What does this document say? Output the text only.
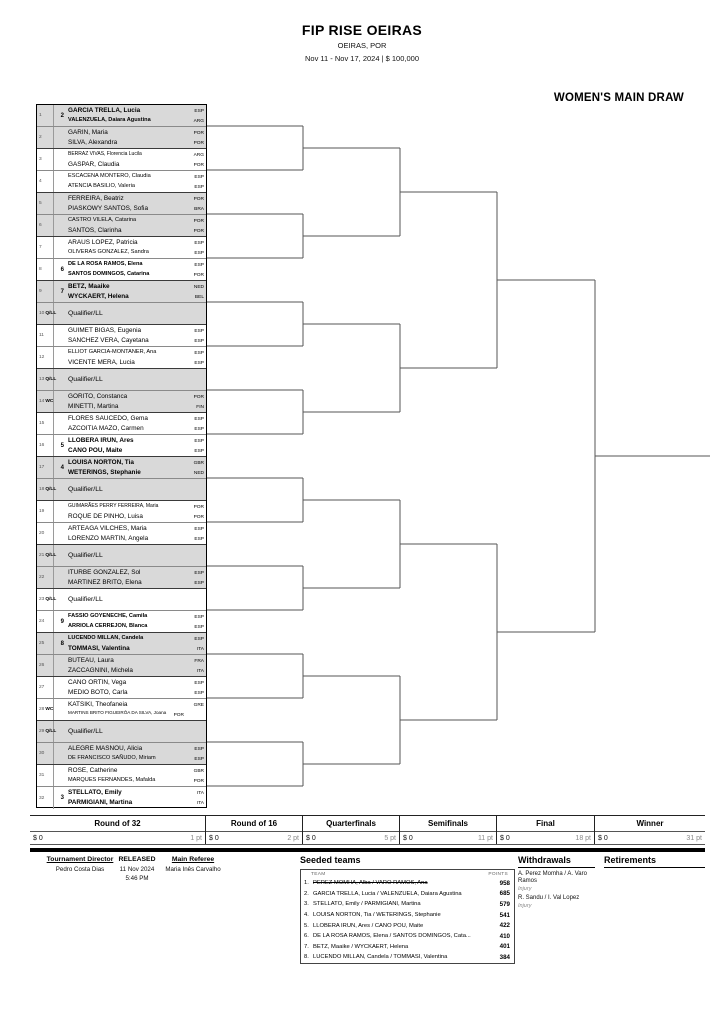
FIP RISE OEIRAS
OEIRAS, POR
Nov 11 - Nov 17, 2024 | $ 100,000
WOMEN'S MAIN DRAW
1	2
GARCIA TRELLA, Lucia	ESP
VALENZUELA, Daiara Agustina	ARG
2
GARIN, Maria	POR
SILVA, Alexandra	POR
3
BERRAZ VIVAS, Florencia Lucila	ARG
GASPAR, Claudia	POR
4
ESCACENA MONTERO, Claudia	ESP
ATENCIA BASILIO, Valeria	ESP
5
FERREIRA, Beatriz	POR
PIASKOWY SANTOS, Sofia	BRA
6
CASTRO VILELA, Catarina	POR
SANTOS, Clarinha	POR
7
ARAUS LOPEZ, Patricia	ESP
OLIVERAS GONZALEZ, Sandra	ESP
8	6
DE LA ROSA RAMOS, Elena	ESP
SANTOS DOMINGOS, Catarina	POR
9	7
BETZ, Maaike	NED
WYCKAERT, Helena	BEL
10 Q/LL Qualifier/LL
11
GUIMET BIGAS, Eugenia	ESP
SANCHEZ VERA, Cayetana	ESP
12
ELLIOT GARCIA-MONTANER, Ana	ESP
VICENTE MERA, Lucia	ESP
13 Q/LL Qualifier/LL
14 WC
GORITO, Constanca	POR
MINETTI, Martina	FIN
15
FLORES SAUCEDO, Gema	ESP
AZCOITIA MAZO, Carmen	ESP
16	5
LLOBERA IRUN, Ares	ESP
CANO POU, Maite	ESP
17	4
LOUISA NORTON, Tia	GBR
WETERINGS, Stephanie	NED
18 Q/LL Qualifier/LL
19
GUIMARÃES PERRY FERREIRA, Maria	POR
ROQUE DE PINHO, Luisa	POR
20
ARTEAGA VILCHES, Maria	ESP
LORENZO MARTIN, Angela	ESP
21 Q/LL Qualifier/LL
22
ITURBE GONZALEZ, Sol	ESP
MARTINEZ BRITO, Elena	ESP
23 Q/LL Qualifier/LL
24	9
FASSIO GOYENECHE, Camila	ESP
ARRIOLA CERREJON, Blanca	ESP
25	8
LUCENDO MILLAN, Candela	ESP
TOMMASI, Valentina	ITA
26
BUTEAU, Laura	FRA
ZACCAGNINI, Michela	ITA
27
CANO ORTIN, Vega	ESP
MEDIO BOTO, Carla	ESP
28 WC
KATSIKI, Theofaneia	GRE
MARTINS BRITO FIGUEIRÔA DA SILVA, Joana
POR
29 Q/LL Qualifier/LL
30
ALEGRE MASNOU, Alicia	ESP
DE FRANCISCO SAÑUDO, Miriam	ESP
31
ROSE, Catherine	GBR
MARQUES FERNANDES, Mafalda	POR
32	3
STELLATO, Emily	ITA
PARMIGIANI, Martina	ITA
Round of 32
$ 0	1 pt
Round of 16
$ 0	2 pt
Quarterfinals
$ 0	5 pt
Semifinals
$ 0	11 pt
Final
$ 0	18 pt
Winner
$ 0	31 pt
Tournament Director
Pedro Costa Dias
RELEASED
11 Nov 2024
5:46 PM
Main Referee
Maria Inês Carvalho
Seeded teams
TEAM	POINTS
1. PEREZ MOMHA, Alba / VARO RAMOS, Ana	958
2. GARCIA TRELLA, Lucia / VALENZUELA, Daiara Agustina	685
3. STELLATO, Emily / PARMIGIANI, Martina	579
4. LOUISA NORTON, Tia / WETERINGS, Stephanie	541
5. LLOBERA IRUN, Ares / CANO POU, Maite	422
6. DE LA ROSA RAMOS, Elena / SANTOS DOMINGOS, Cata...	410
7. BETZ, Maaike / WYCKAERT, Helena	401
8. LUCENDO MILLAN, Candela / TOMMASI, Valentina	384
Withdrawals
A. Perez Momha / A. Varo Ramos
Injury
R. Sandu / I. Val Lopez
Injury
Retirements
